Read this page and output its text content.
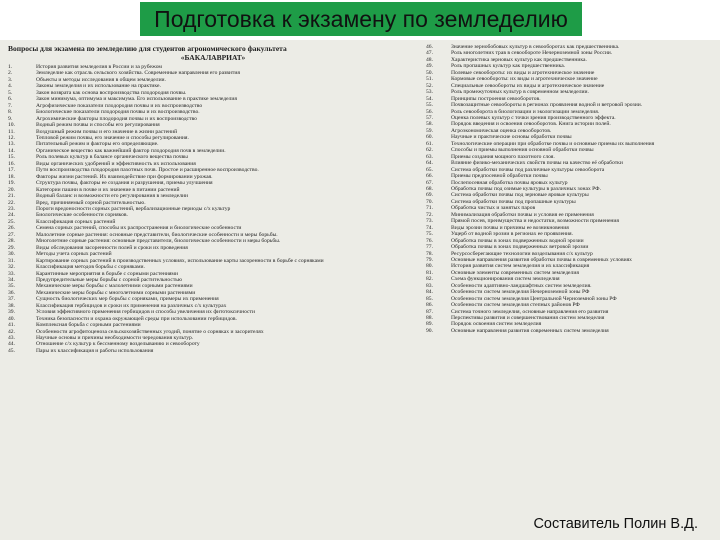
Подготовка к экзамену по земледелию
Вопросы для экзамена по земледелию для студентов агрономического факультета
«БАКАЛАВРИАТ»
1.	История развития земледелия в России и за рубежом
2.	Земледелие как отрасль сельского хозяйства. Современные направления его развития
3.	Объекты и методы исследования в общем земледелии.
4.	Законы земледелия и их использование на практике.
5.	Закон возврата как основа воспроизводства плодородия почвы.
6.	Закон минимума, оптимума и максимума. Его использование в практике земледелия
7.	Агрофизические показатели плодородия почвы и их воспроизводство
8.	Биологические показатели плодородия почвы и их воспроизводство.
9.	Агрохимические факторы плодородия почвы и их воспроизводство
10.	Водный режим почвы и способы его регулирования
11.	Воздушный режим почвы и его значение в жизни растений
12.	Тепловой режим почвы, его значение и способы регулирования.
13.	Питательный режим и факторы его определяющие.
14.	Органическое вещество как важнейший фактор плодородия почв в земледелии.
15.	Роль полевых культур в балансе органического вещества почвы
16.	Виды органических удобрений и эффективность их использования
17.	Пути воспроизводства плодородия пахотных почв. Простое и расширенное воспроизводство.
18.	Факторы жизни растений. Их взаимодействие при формировании урожая.
19.	Структура почвы, факторы ее создания и разрушения, приемы улучшения
20.	Категории пашни в почве и их значение в питании растений
21.	Водный баланс и возможности его регулирования в земледелии
22.	Вред, причиняемый сорной растительностью.
23.	Пороги вредоносности сорных растений, вербализационные периоды с/х культур
24.	Биологические особенности сорняков.
25.	Классификация сорных растений
26.	Семена сорных растений, способы их распространения и биологические особенности
27.	Малолетние сорные растения: основные представители, биологические особенности и меры борьбы.
28.	Многолетние сорные растения: основные представители, биологические особенности и меры борьбы.
29.	Виды обследования засоренности полей и сроки их проведения
30.	Методы учета сорных растений
31.	Картирование сорных растений в производственных условиях, использование карты засоренности в борьбе с сорняками
32.	Классификация методов борьбы с сорняками.
33.	Карантинные мероприятия в борьбе с сорными растениями
34.	Предупредительные меры борьбы с сорной растительностью
35.	Механические меры борьбы с малолетними сорными растениями
36.	Механические меры борьбы с многолетними сорными растениями
37.	Сущность биологических мер борьбы с сорняками, примеры их применения
38.	Классификация гербицидов и сроки их применения на различных с/х культурах
39.	Условия эффективного применения гербицидов и способы увеличения их фитотоксичности
40.	Техника безопасности и охрана окружающей среды при использовании гербицидов.
41.	Комплексная борьба с сорными растениями
42.	Особенности агрофитоценоза сельскохозяйственных угодий, понятие о сорняках и засорителях
43.	Научные основы и причины необходимости чередования культур.
44.	Отношение с/х культур к бессменному возделыванию и севообороту
45.	Пары их классификация и работы использования
46.	Значение зернобобовых культур в севооборотах как предшественника.
47.	Роль многолетних трав в севообороте Нечерноземной зоны России.
48.	Характеристика зерновых культур как предшественника.
49.	Роль пропашных культур как предшественника.
50.	Полевые севообороты: их виды и агротехническое значение
51.	Кормовые севообороты: их виды и агротехническое значение
52.	Специальные севообороты их виды и агротехническое значение
53.	Роль промежуточных культур в современном земледелии.
54.	Принципы построения севооборотов.
55.	Почвозащитные севообороты в регионах проявления водной и ветровой эрозии.
56.	Роль севооборота в биологизации и экологизации земледелия.
57.	Оценка полевых культур с точки зрения производственного эффекта.
58.	Порядок введения и освоения севооборотов. Книга истории полей.
59.	Агроэкономическая оценка севооборотов.
60.	Научные и практические основы обработки почвы
61.	Технологические операции при обработке почвы и основные приемы их выполнения
62.	Способы и приемы выполнения основной обработки почвы
63.	Приемы создания мощного пахотного слоя.
64.	Влияние физико-механических свойств почвы на качество её обработки
65.	Система обработки почвы под различные культуры севооборота
66.	Приемы предпосевной обработки почвы
67.	Послепосевная обработка почвы яровых культур
68.	Обработка почвы под озимые культуры в различных зонах РФ.
69.	Система обработки почвы под зерновые яровые культуры
70.	Система обработки почвы под пропашные культуры
71.	Обработка чистых и занятых паров
72.	Минимализация обработки почвы и условия ее применения
73.	Прямой посев, преимущества и недостатки, возможности применения
74.	Виды эрозии почвы и причины ее возникновения
75.	Ущерб от водной эрозии в регионах ее проявления.
76.	Обработка почвы в зонах подверженных водной эрозии
77.	Обработка почвы в зонах подверженных ветровой эрозии
78.	Ресурсосберегающие технологии возделывания с/х культур
79.	Основные направления развития обработки почвы в современных условиях
80.	История развития систем земледелия и их классификация
81.	Основные элементы современных систем земледелия
82.	Схема функционирования систем земледелия
83.	Особенности адаптивно-ландшафтных систем земледелия.
84.	Особенности систем земледелия Нечерноземной зоны РФ
85.	Особенности систем земледелия Центральной Черноземной зоны РФ
86.	Особенности систем земледелия степных районов РФ
87.	Система точного земледелия, основные направления его развития
88.	Перспективы развития и совершенствования систем земледелия
89.	Порядок освоения систем земледелия
90.	Основные направления развития современных систем земледелия
Составитель Полин В.Д.
